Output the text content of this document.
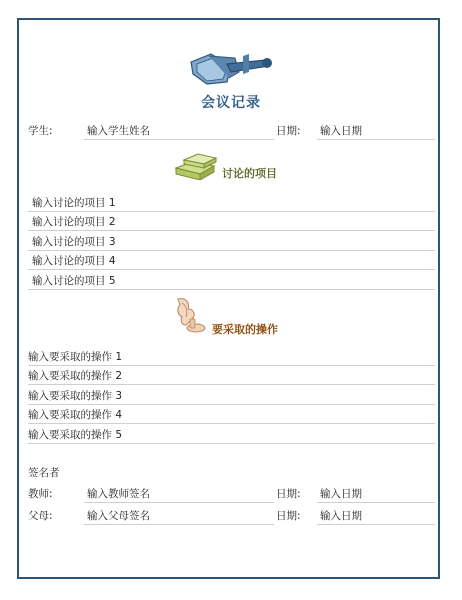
会议记录
学生:	输入学生姓名	日期: 输入日期
讨论的项目
输入讨论的项目 1
输入讨论的项目 2
输入讨论的项目 3
输入讨论的项目 4
输入讨论的项目 5
要采取的操作
输入要采取的操作 1
输入要采取的操作 2
输入要采取的操作 3
输入要采取的操作 4
输入要采取的操作 5
签名者
教师:	输入教师签名	日期: 输入日期
父母:	输入父母签名	日期: 输入日期
